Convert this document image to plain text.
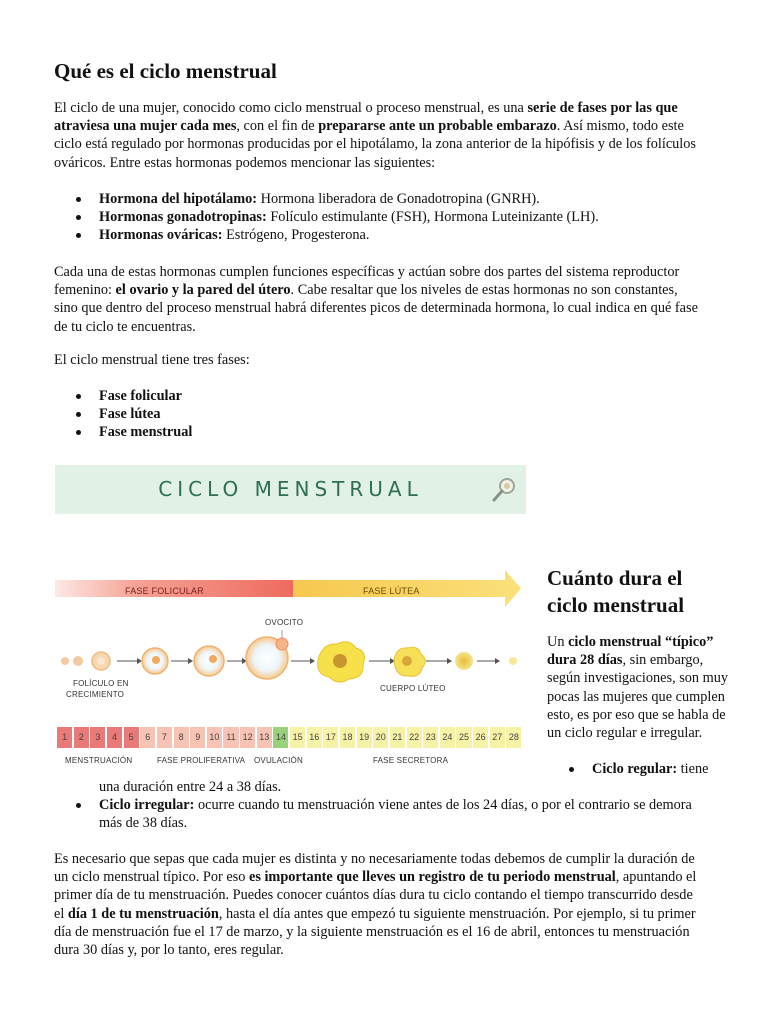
Qué es el ciclo menstrual
El ciclo de una mujer, conocido como ciclo menstrual o proceso menstrual, es una serie de fases por las que
atraviesa una mujer cada mes, con el fin de prepararse ante un probable embarazo. Así mismo, todo este
ciclo está regulado por hormonas producidas por el hipotálamo, la zona anterior de la hipófisis y de los folículos
ováricos. Entre estas hormonas podemos mencionar las siguientes:
Hormona del hipotálamo: Hormona liberadora de Gonadotropina (GNRH).
Hormonas gonadotropinas: Folículo estimulante (FSH), Hormona Luteinizante (LH).
Hormonas ováricas: Estrógeno, Progesterona.
Cada una de estas hormonas cumplen funciones específicas y actúan sobre dos partes del sistema reproductor
femenino: el ovario y la pared del útero. Cabe resaltar que los niveles de estas hormonas no son constantes,
sino que dentro del proceso menstrual habrá diferentes picos de determinada hormona, lo cual indica en qué fase
de tu ciclo te encuentras.

El ciclo menstrual tiene tres fases:

Fase folicular
Fase lútea
Fase menstrual
CICLO MENSTRUAL
FASE FOLICULAR	FASE LÚTEA
OVOCITO
FOLÍCULO EN
CRECIMIENTO
CUERPO LÚTEO
1	2	3	4	5	6	7	8	9	10 11 12 13 14 15 16 17 18 19 20 21 22 23 24 25 26 27 28
MENSTRUACIÓN	FASE PROLIFERATIVA OVULACIÓN	FASE SECRETORA
Cuánto dura el
ciclo menstrual
Un ciclo menstrual “típico”
dura 28 días, sin embargo,
según investigaciones, son muy
pocas las mujeres que cumplen
esto, es por eso que se habla de
un ciclo regular e irregular.
Ciclo regular: tiene
una duración entre 24 a 38 días.
Ciclo irregular: ocurre cuando tu menstruación viene antes de los 24 días, o por el contrario se demora
más de 38 días.
Es necesario que sepas que cada mujer es distinta y no necesariamente todas debemos de cumplir la duración de
un ciclo menstrual típico. Por eso es importante que lleves un registro de tu periodo menstrual, apuntando el
primer día de tu menstruación. Puedes conocer cuántos días dura tu ciclo contando el tiempo transcurrido desde
el día 1 de tu menstruación, hasta el día antes que empezó tu siguiente menstruación. Por ejemplo, si tu primer
día de menstruación fue el 17 de marzo, y la siguiente menstruación es el 16 de abril, entonces tu menstruación
dura 30 días y, por lo tanto, eres regular.
